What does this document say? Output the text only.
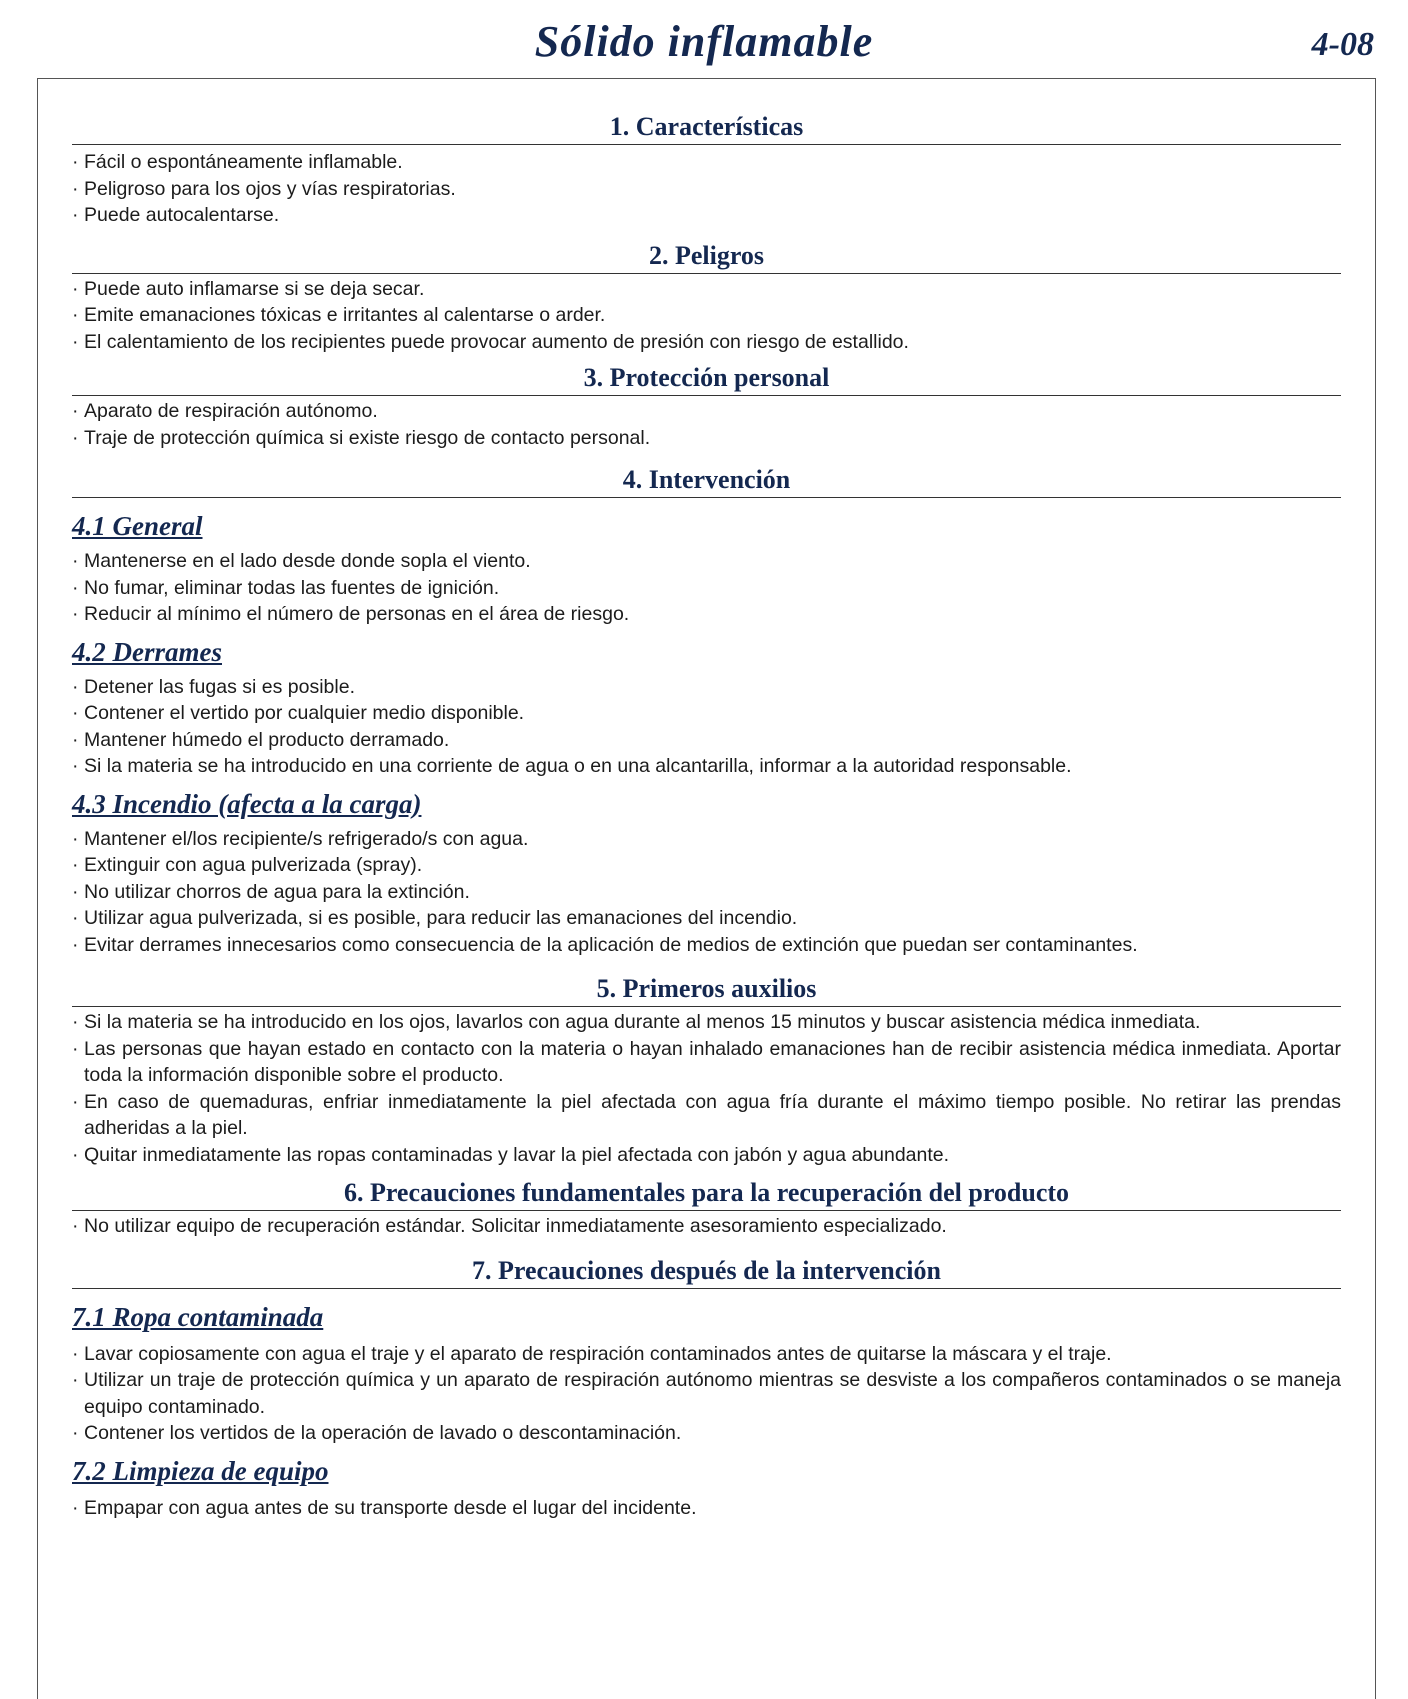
Sólido inflamable	4-08
1. Características
· Fácil o espontáneamente inflamable.
· Peligroso para los ojos y vías respiratorias.
· Puede autocalentarse.
2. Peligros
· Puede auto inflamarse si se deja secar.
· Emite emanaciones tóxicas e irritantes al calentarse o arder.
· El calentamiento de los recipientes puede provocar aumento de presión con riesgo de estallido.
3. Protección personal
· Aparato de respiración autónomo.
· Traje de protección química si existe riesgo de contacto personal.
4. Intervención
4.1 General
· Mantenerse en el lado desde donde sopla el viento.
· No fumar, eliminar todas las fuentes de ignición.
· Reducir al mínimo el número de personas en el área de riesgo.
4.2 Derrames
· Detener las fugas si es posible.
· Contener el vertido por cualquier medio disponible.
· Mantener húmedo el producto derramado.
· Si la materia se ha introducido en una corriente de agua o en una alcantarilla, informar a la autoridad responsable.
4.3 Incendio (afecta a la carga)
· Mantener el/los recipiente/s refrigerado/s con agua.
· Extinguir con agua pulverizada (spray).
· No utilizar chorros de agua para la extinción.
· Utilizar agua pulverizada, si es posible, para reducir las emanaciones del incendio.
· Evitar derrames innecesarios como consecuencia de la aplicación de medios de extinción que puedan ser contaminantes.
5. Primeros auxilios
· Si la materia se ha introducido en los ojos, lavarlos con agua durante al menos 15 minutos y buscar asistencia médica inmediata.
· Las personas que hayan estado en contacto con la materia o hayan inhalado emanaciones han de recibir asistencia médica inmediata. Aportar toda la información disponible sobre el producto.
· En caso de quemaduras, enfriar inmediatamente la piel afectada con agua fría durante el máximo tiempo posible. No retirar las prendas adheridas a la piel.
· Quitar inmediatamente las ropas contaminadas y lavar la piel afectada con jabón y agua abundante.
6. Precauciones fundamentales para la recuperación del producto
· No utilizar equipo de recuperación estándar. Solicitar inmediatamente asesoramiento especializado.
7. Precauciones después de la intervención
7.1 Ropa contaminada
· Lavar copiosamente con agua el traje y el aparato de respiración contaminados antes de quitarse la máscara y el traje.
· Utilizar un traje de protección química y un aparato de respiración autónomo mientras se desviste a los compañeros contaminados o se maneja equipo contaminado.
· Contener los vertidos de la operación de lavado o descontaminación.
7.2 Limpieza de equipo
· Empapar con agua antes de su transporte desde el lugar del incidente.
